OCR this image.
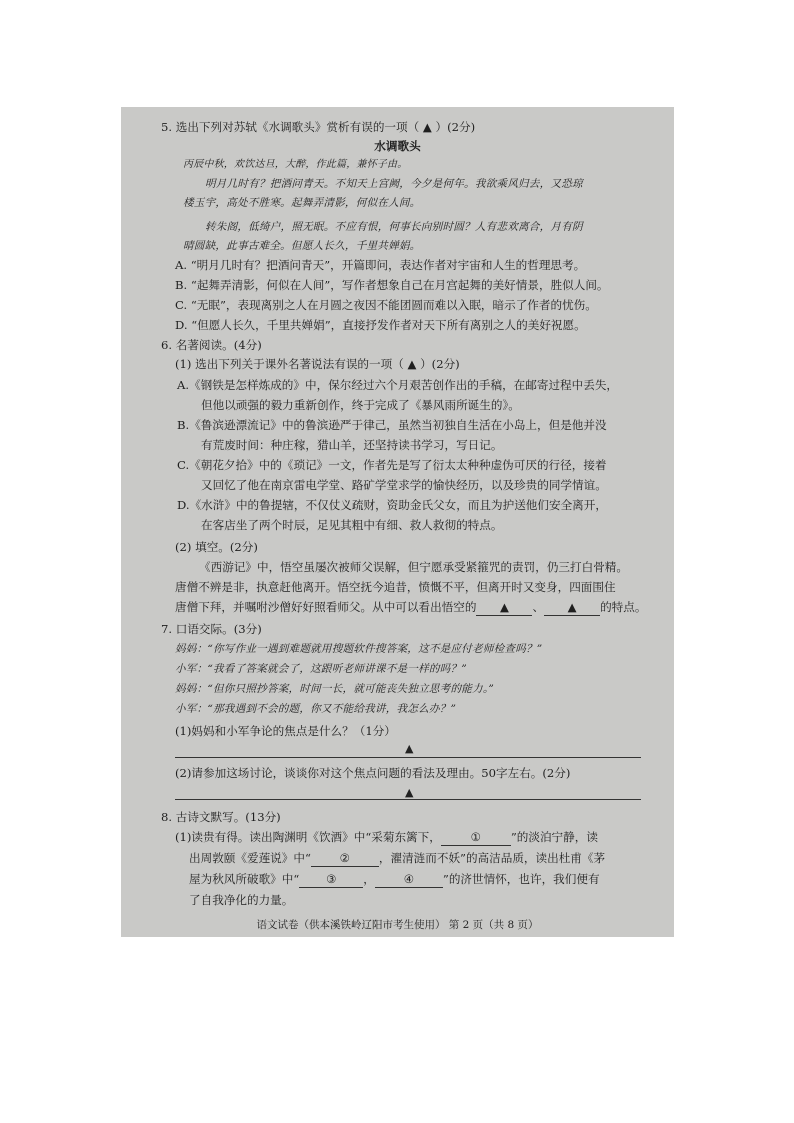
5. 选出下列对苏轼《水调歌头》赏析有误的一项（ ▲ ）(2分)
水调歌头
丙辰中秋，欢饮达旦，大醉，作此篇，兼怀子由。
明月几时有？把酒问青天。不知天上宫阙，今夕是何年。我欲乘风归去，又恐琼
楼玉宇，高处不胜寒。起舞弄清影，何似在人间。
转朱阁，低绮户，照无眠。不应有恨，何事长向别时圆？人有悲欢离合，月有阴
晴圆缺，此事古难全。但愿人长久，千里共婵娟。
A. “明月几时有？把酒问青天”，开篇即问，表达作者对宇宙和人生的哲理思考。
B. “起舞弄清影，何似在人间”，写作者想象自己在月宫起舞的美好情景，胜似人间。
C. “无眠”，表现离别之人在月圆之夜因不能团圆而难以入眠，暗示了作者的忧伤。
D. “但愿人长久，千里共婵娟”，直接抒发作者对天下所有离别之人的美好祝愿。
6. 名著阅读。(4分)
(1) 选出下列关于课外名著说法有误的一项（ ▲ ）(2分)
A.《钢铁是怎样炼成的》中，保尔经过六个月艰苦创作出的手稿，在邮寄过程中丢失，
但他以顽强的毅力重新创作，终于完成了《暴风雨所诞生的》。
B.《鲁滨逊漂流记》中的鲁滨逊严于律己，虽然当初独自生活在小岛上，但是他并没
有荒废时间：种庄稼，猎山羊，还坚持读书学习，写日记。
C.《朝花夕拾》中的《琐记》一文，作者先是写了衍太太种种虚伪可厌的行径，接着
又回忆了他在南京雷电学堂、路矿学堂求学的愉快经历，以及珍贵的同学情谊。
D.《水浒》中的鲁提辖，不仅仗义疏财，资助金氏父女，而且为护送他们安全离开，
在客店坐了两个时辰，足见其粗中有细、救人救彻的特点。
(2) 填空。(2分)
《西游记》中，悟空虽屡次被师父误解，但宁愿承受紧箍咒的责罚，仍三打白骨精。
唐僧不辨是非，执意赶他离开。悟空抚今追昔，愤慨不平，但离开时又变身，四面围住
唐僧下拜，并嘱咐沙僧好好照看师父。从中可以看出悟空的 ▲ 、 ▲ 的特点。
7. 口语交际。(3分)
妈妈：“你写作业一遇到难题就用搜题软件搜答案，这不是应付老师检查吗？”
小军：“我看了答案就会了，这跟听老师讲课不是一样的吗？”
妈妈：“但你只照抄答案，时间一长，就可能丧失独立思考的能力。”
小军：“那我遇到不会的题，你又不能给我讲，我怎么办？”
(1)妈妈和小军争论的焦点是什么？（1分）
▲
(2)请参加这场讨论，谈谈你对这个焦点问题的看法及理由。50字左右。(2分)
▲
8. 古诗文默写。(13分)
(1)读贵有得。读出陶渊明《饮酒》中“采菊东篱下，	①	”的淡泊宁静，读
出周敦颐《爱莲说》中“ ② ，濯清涟而不妖”的高洁品质，读出杜甫《茅
屋为秋风所破歌》中“ ③ ， ④ ”的济世情怀，也许，我们便有
了自我净化的力量。
语文试卷（供本溪铁岭辽阳市考生使用） 第 2 页（共 8 页）
